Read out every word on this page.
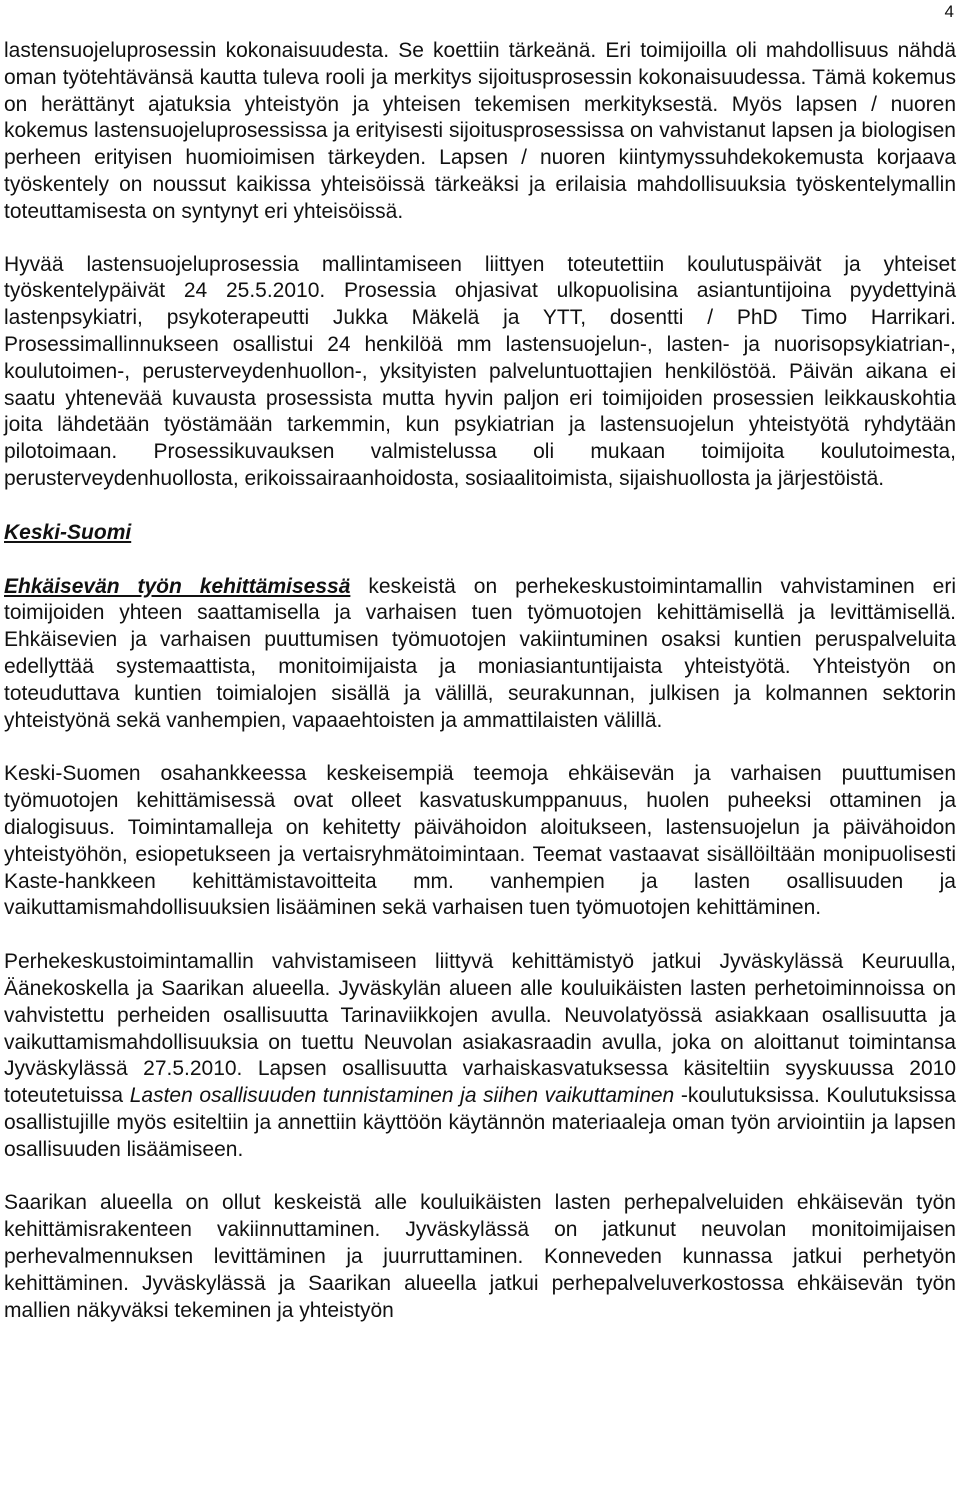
4

lastensuojeluprosessin kokonaisuudesta. Se koettiin tärkeänä. Eri toimijoilla oli mahdollisuus nähdä oman työtehtävänsä kautta tuleva rooli ja merkitys sijoitusprosessin kokonaisuudessa. Tämä kokemus on herättänyt ajatuksia yhteistyön ja yhteisen tekemisen merkityksestä. Myös lapsen / nuoren kokemus lastensuojeluprosessissa ja erityisesti sijoitusprosessissa on vahvistanut lapsen ja biologisen perheen erityisen huomioimisen tärkeyden. Lapsen / nuoren kiintymyssuhdekokemusta korjaava työskentely on noussut kaikissa yhteisöissä tärkeäksi ja erilaisia mahdollisuuksia työskentelymallin toteuttamisesta on syntynyt eri yhteisöissä.

Hyvää lastensuojeluprosessia mallintamiseen liittyen toteutettiin koulutuspäivät ja yhteiset työskentelypäivät 24 25.5.2010. Prosessia ohjasivat ulkopuolisina asiantuntijoina pyydettyinä lastenpsykiatri, psykoterapeutti Jukka Mäkelä ja YTT, dosentti / PhD Timo Harrikari. Prosessimallinnukseen osallistui 24 henkilöä mm lastensuojelun-, lasten- ja nuorisopsykiatrian-, koulutoimen-, perusterveydenhuollon-, yksityisten palveluntuottajien henkilöstöä. Päivän aikana ei saatu yhtenevää kuvausta prosessista mutta hyvin paljon eri toimijoiden prosessien leikkauskohtia joita lähdetään työstämään tarkemmin, kun psykiatrian ja lastensuojelun yhteistyötä ryhdytään pilotoimaan. Prosessikuvauksen valmistelussa oli mukaan toimijoita koulutoimesta, perusterveydenhuollosta, erikoissairaanhoidosta, sosiaalitoimista, sijaishuollosta ja järjestöistä.

Keski-Suomi

Ehkäisevän työn kehittämisessä keskeistä on perhekeskustoimintamallin vahvistaminen eri toimijoiden yhteen saattamisella ja varhaisen tuen työmuotojen kehittämisellä ja levittämisellä. Ehkäisevien ja varhaisen puuttumisen työmuotojen vakiintuminen osaksi kuntien peruspalveluita edellyttää systemaattista, monitoimijaista ja moniasiantuntijaista yhteistyötä. Yhteistyön on toteuduttava kuntien toimialojen sisällä ja välillä, seurakunnan, julkisen ja kolmannen sektorin yhteistyönä sekä vanhempien, vapaaehtoisten ja ammattilaisten välillä.

Keski-Suomen osahankkeessa keskeisempiä teemoja ehkäisevän ja varhaisen puuttumisen työmuotojen kehittämisessä ovat olleet kasvatuskumppanuus, huolen puheeksi ottaminen ja dialogisuus. Toimintamalleja on kehitetty päivähoidon aloitukseen, lastensuojelun ja päivähoidon yhteistyöhön, esiopetukseen ja vertaisryhmätoimintaan. Teemat vastaavat sisällöiltään monipuolisesti Kaste-hankkeen kehittämistavoitteita mm. vanhempien ja lasten osallisuuden ja vaikuttamismahdollisuuksien lisääminen sekä varhaisen tuen työmuotojen kehittäminen.

Perhekeskustoimintamallin vahvistamiseen liittyvä kehittämistyö jatkui Jyväskylässä Keuruulla, Äänekoskella ja Saarikan alueella. Jyväskylän alueen alle kouluikäisten lasten perhetoiminnoissa on vahvistettu perheiden osallisuutta Tarinaviikkojen avulla. Neuvolatyössä asiakkaan osallisuutta ja vaikuttamismahdollisuuksia on tuettu Neuvolan asiakasraadin avulla, joka on aloittanut toimintansa Jyväskylässä 27.5.2010. Lapsen osallisuutta varhaiskasvatuksessa käsiteltiin syyskuussa 2010 toteutetuissa Lasten osallisuuden tunnistaminen ja siihen vaikuttaminen -koulutuksissa. Koulutuksissa osallistujille myös esiteltiin ja annettiin käyttöön käytännön materiaaleja oman työn arviointiin ja lapsen osallisuuden lisäämiseen.

Saarikan alueella on ollut keskeistä alle kouluikäisten lasten perhepalveluiden ehkäisevän työn kehittämisrakenteen vakiinnuttaminen. Jyväskylässä on jatkunut neuvolan monitoimijaisen perhevalmennuksen levittäminen ja juurruttaminen. Konneveden kunnassa jatkui perhetyön kehittäminen. Jyväskylässä ja Saarikan alueella jatkui perhepalveluverkostossa ehkäisevän työn mallien näkyväksi tekeminen ja yhteistyön
